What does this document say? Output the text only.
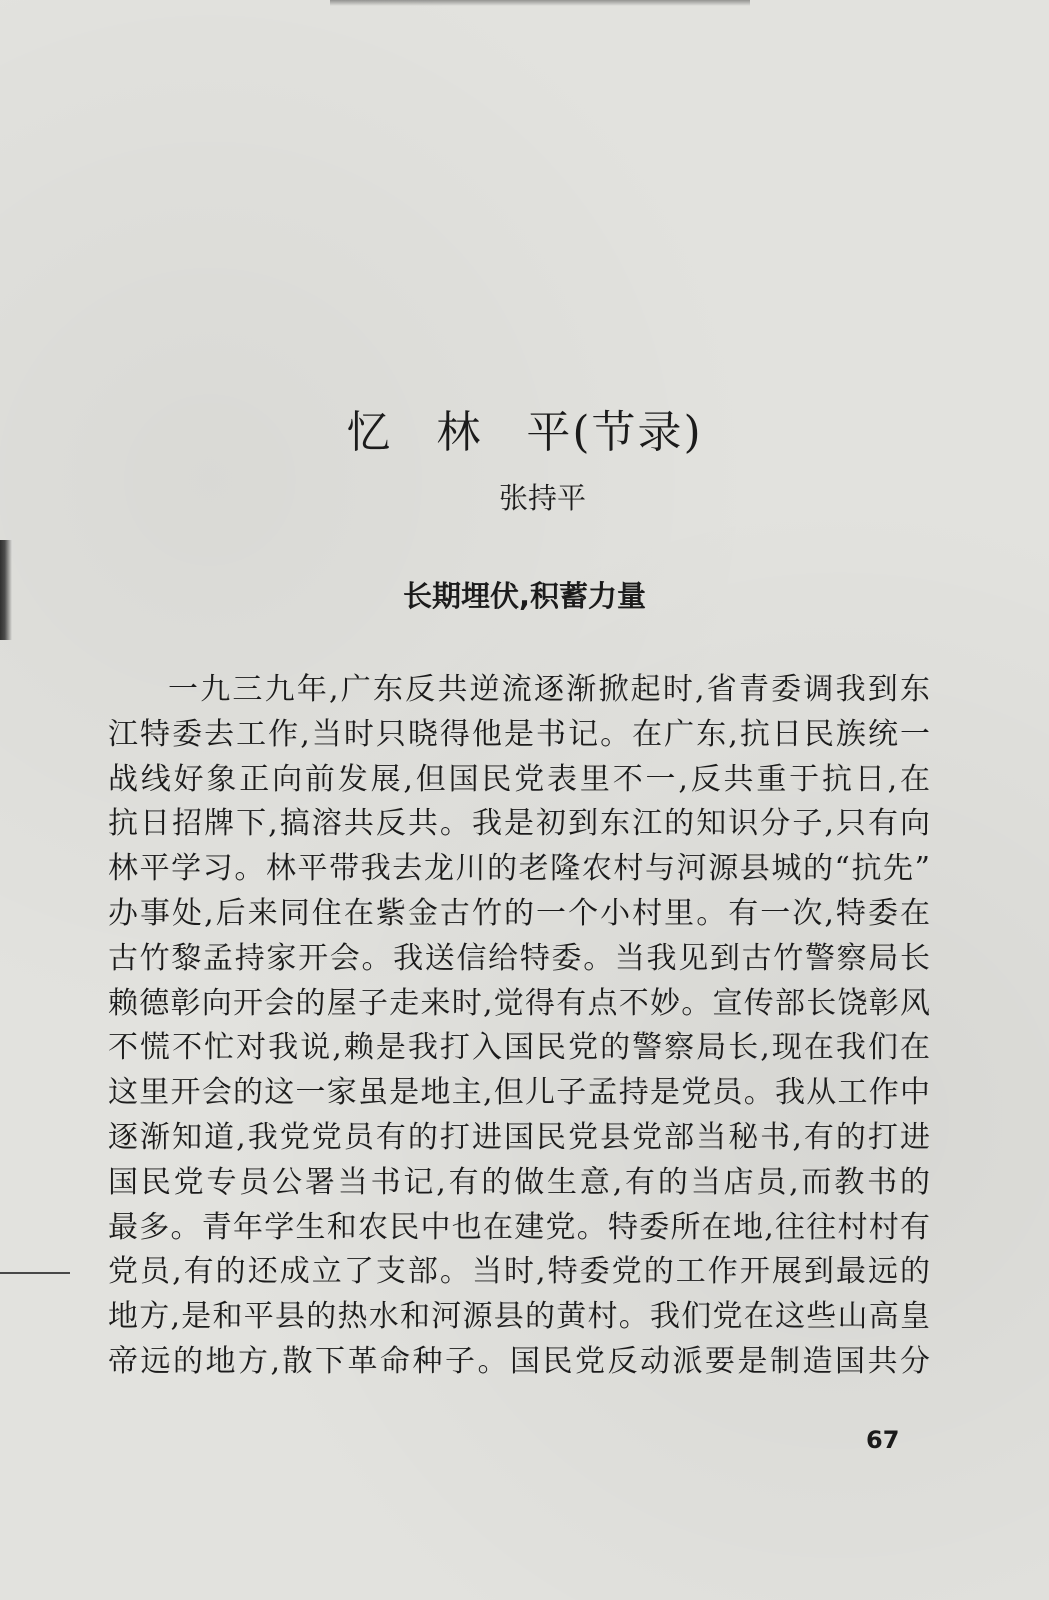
忆 林 平(节录)
张持平
长期埋伏,积蓄力量
一九三九年,广东反共逆流逐渐掀起时,省青委调我到东
江特委去工作,当时只晓得他是书记。在广东,抗日民族统一
战线好象正向前发展,但国民党表里不一,反共重于抗日,在
抗日招牌下,搞溶共反共。我是初到东江的知识分子,只有向
林平学习。林平带我去龙川的老隆农村与河源县城的“抗先”
办事处,后来同住在紫金古竹的一个小村里。有一次,特委在
古竹黎孟持家开会。我送信给特委。当我见到古竹警察局长
赖德彰向开会的屋子走来时,觉得有点不妙。宣传部长饶彰风
不慌不忙对我说,赖是我打入国民党的警察局长,现在我们在
这里开会的这一家虽是地主,但儿子孟持是党员。我从工作中
逐渐知道,我党党员有的打进国民党县党部当秘书,有的打进
国民党专员公署当书记,有的做生意,有的当店员,而教书的
最多。青年学生和农民中也在建党。特委所在地,往往村村有
党员,有的还成立了支部。当时,特委党的工作开展到最远的
地方,是和平县的热水和河源县的黄村。我们党在这些山高皇
帝远的地方,散下革命种子。国民党反动派要是制造国共分
67
